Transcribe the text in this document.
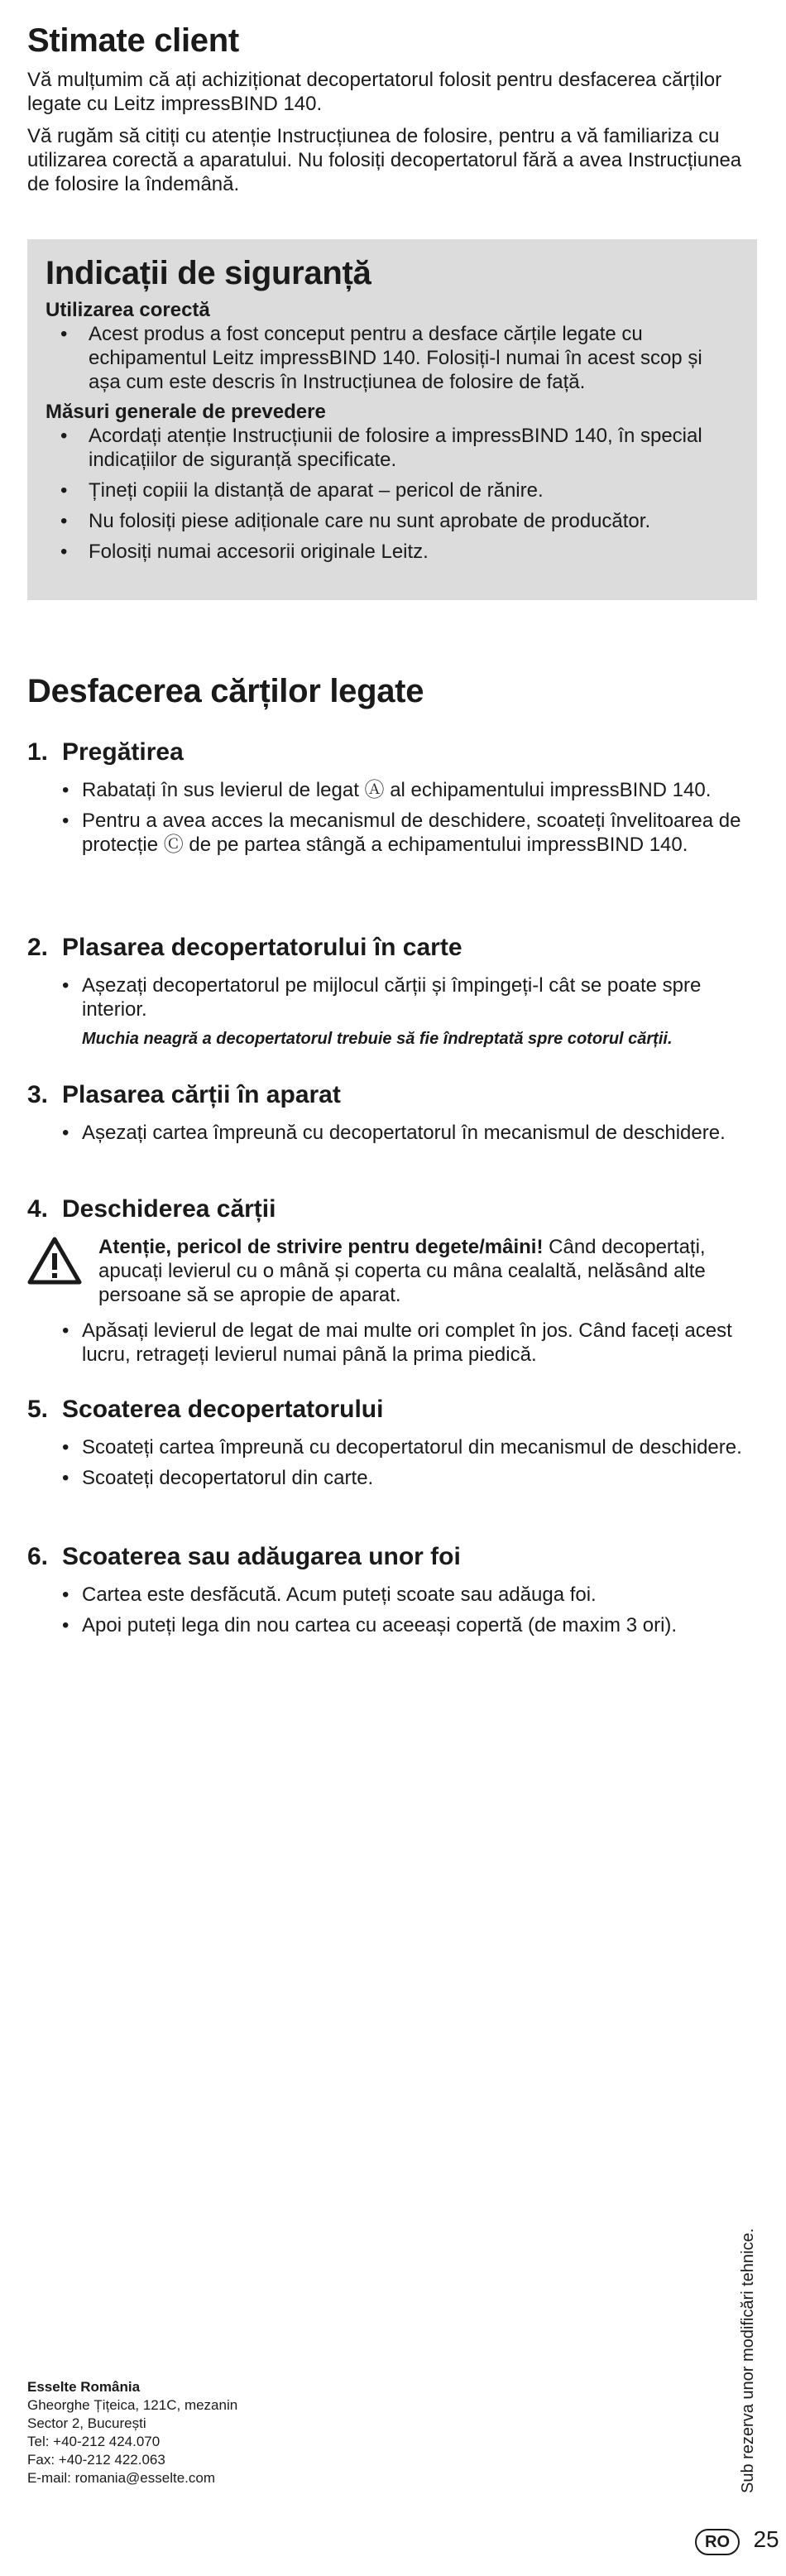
Stimate client

Vă mulțumim că ați achiziționat decopertatorul folosit pentru desfacerea cărților legate cu Leitz impressBIND 140.

Vă rugăm să citiți cu atenție Instrucțiunea de folosire, pentru a vă familiariza cu utilizarea corectă a aparatului. Nu folosiți decopertatorul fără a avea Instrucțiunea de folosire la îndemână.

Indicații de siguranță
Utilizarea corectă
• Acest produs a fost conceput pentru a desface cărțile legate cu echipamentul Leitz impressBIND 140. Folosiți-l numai în acest scop și așa cum este descris în Instrucțiunea de folosire de față.
Măsuri generale de prevedere
• Acordați atenție Instrucțiunii de folosire a impressBIND 140, în special indicațiilor de siguranță specificate.
• Țineți copiii la distanță de aparat – pericol de rănire.
• Nu folosiți piese adiționale care nu sunt aprobate de producător.
• Folosiți numai accesorii originale Leitz.
Desfacerea cărților legate
1. Pregătirea
• Rabatați în sus levierul de legat Ⓐ al echipamentului impressBIND 140.
• Pentru a avea acces la mecanismul de deschidere, scoateți învelitoarea de protecție Ⓒ de pe partea stângă a echipamentului impressBIND 140.
2. Plasarea decopertatorului în carte
• Așezați decopertatorul pe mijlocul cărții și împingeți-l cât se poate spre interior.
Muchia neagră a decopertatorul trebuie să fie îndreptată spre cotorul cărții.
3. Plasarea cărții în aparat
• Așezați cartea împreună cu decopertatorul în mecanismul de deschidere.
4. Deschiderea cărții
Atenție, pericol de strivire pentru degete/mâini! Când decopertați, apucați levierul cu o mână și coperta cu mâna cealaltă, nelăsând alte persoane să se apropie de aparat.
• Apăsați levierul de legat de mai multe ori complet în jos. Când faceți acest lucru, retrageți levierul numai până la prima piedică.
5. Scoaterea decopertatorului
• Scoateți cartea împreună cu decopertatorul din mecanismul de deschidere.
• Scoateți decopertatorul din carte.
6. Scoaterea sau adăugarea unor foi
• Cartea este desfăcută. Acum puteți scoate sau adăuga foi.
• Apoi puteți lega din nou cartea cu aceeași copertă (de maxim 3 ori).
Esselte România
Gheorghe Țițeica, 121C, mezanin
Sector 2, București
Tel: +40-212 424.070
Fax: +40-212 422.063
E-mail: romania@esselte.com	Sub rezerva unor modificări tehnice.
RO 25
